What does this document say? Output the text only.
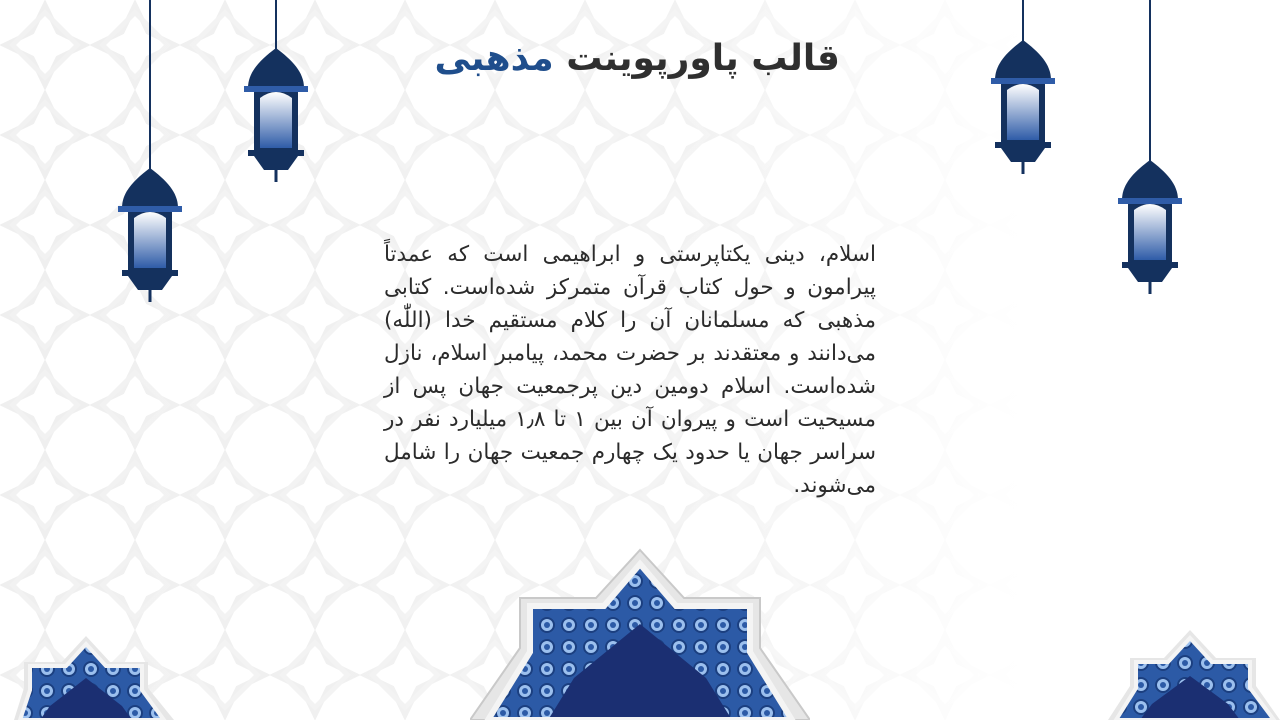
قالب پاورپوینت مذهبی
اسلام، دینی یکتاپرستی و ابراهیمی است که عمدتاً پیرامون و حول کتاب قرآن متمرکز شده‌است. کتابی مذهبی که مسلمانان آن را کلام مستقیم خدا (اللّٰه) می‌دانند و معتقدند بر حضرت محمد، پیامبر اسلام، نازل شده‌است. اسلام دومین دین پرجمعیت جهان پس از مسیحیت است و پیروان آن بین ۱ تا ۱٫۸ میلیارد نفر در سراسر جهان یا حدود یک چهارم جمعیت جهان را شامل می‌شوند.
